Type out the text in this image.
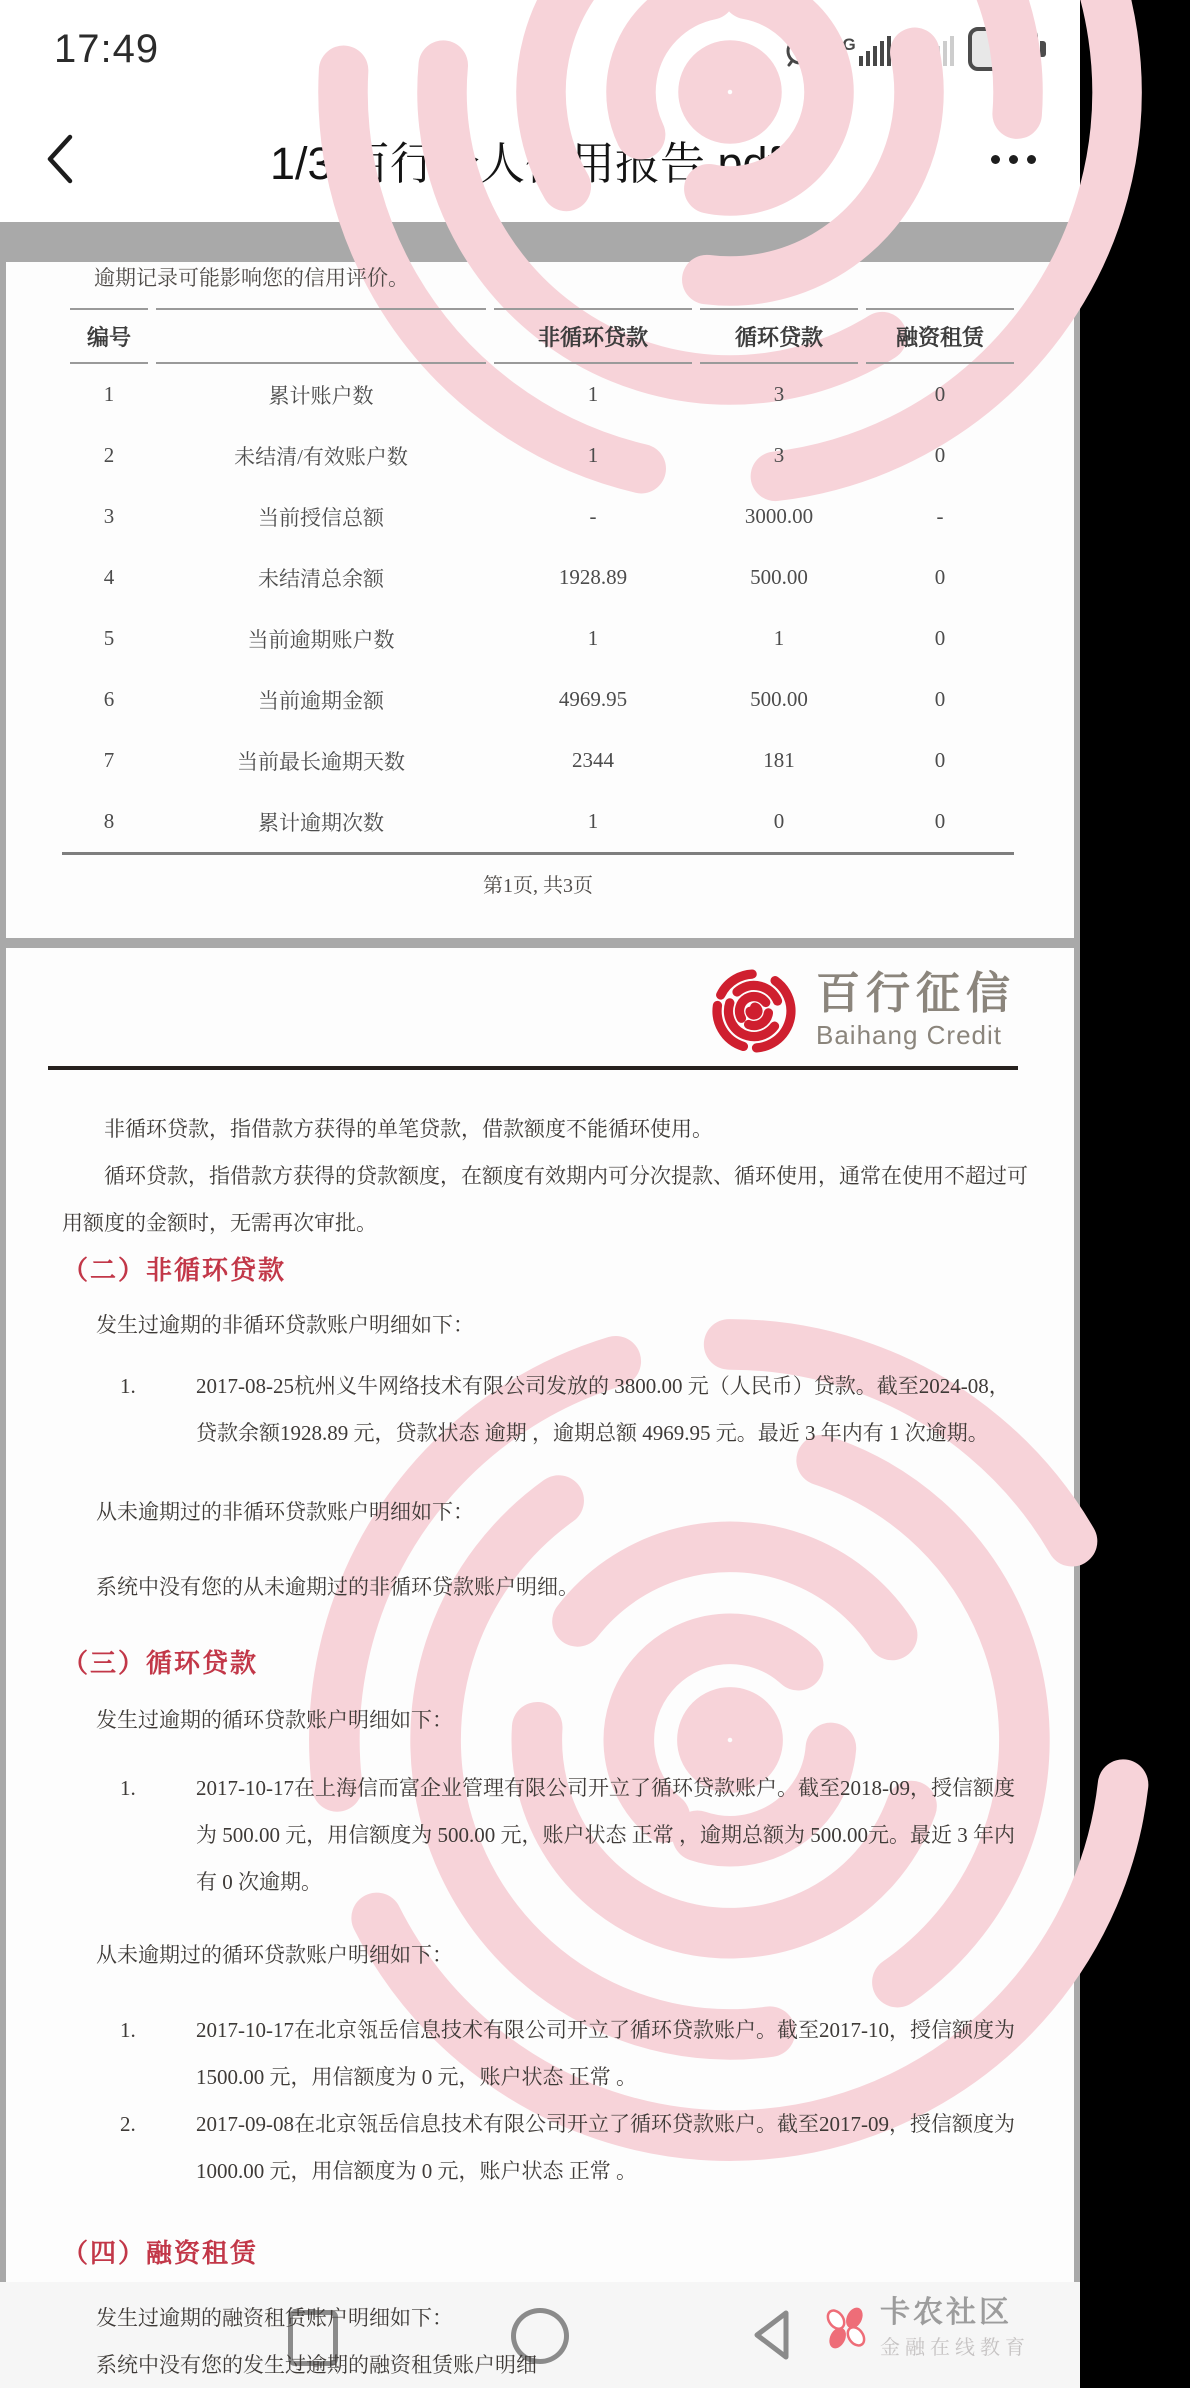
17:49	4G
1↓
✕	40
1/3 百行个人信用报告.pdf
逾期记录可能影响您的信用评价。
编号		非循环贷款	循环贷款	融资租赁
1	累计账户数	1	3	0
2	未结清/有效账户数	1	3	0
3	当前授信总额	-	3000.00	-
4	未结清总余额	1928.89	500.00	0
5	当前逾期账户数	1	1	0
6	当前逾期金额	4969.95	500.00	0
7	当前最长逾期天数	2344	181	0
8	累计逾期次数	1	0	0
第1页, 共3页
百行征信
Baihang Credit

非循环贷款，指借款方获得的单笔贷款，借款额度不能循环使用。

循环贷款，指借款方获得的贷款额度，在额度有效期内可分次提款、循环使用，通常在使用不超过可用额度的金额时，无需再次审批。

（二）非循环贷款
发生过逾期的非循环贷款账户明细如下：
1.	2017-08-25杭州义牛网络技术有限公司发放的 3800.00 元（人民币）贷款。截至2024-08，贷款余额1928.89 元，贷款状态 逾期 ，逾期总额 4969.95 元。最近 3 年内有 1 次逾期。
从未逾期过的非循环贷款账户明细如下：
系统中没有您的从未逾期过的非循环贷款账户明细。
（三）循环贷款
发生过逾期的循环贷款账户明细如下：
1.	2017-10-17在上海信而富企业管理有限公司开立了循环贷款账户。截至2018-09，授信额度为 500.00 元，用信额度为 500.00 元，账户状态 正常 ，逾期总额为 500.00元。最近 3 年内有 0 次逾期。
从未逾期过的循环贷款账户明细如下：
1.	2017-10-17在北京瓴岳信息技术有限公司开立了循环贷款账户。截至2017-10，授信额度为 1500.00 元，用信额度为 0 元，账户状态 正常 。
2.	2017-09-08在北京瓴岳信息技术有限公司开立了循环贷款账户。截至2017-09，授信额度为 1000.00 元，用信额度为 0 元，账户状态 正常 。
（四）融资租赁
发生过逾期的融资租赁账户明细如下：
系统中没有您的发生过逾期的融资租赁账户明细
卡农社区
金融在线教育
